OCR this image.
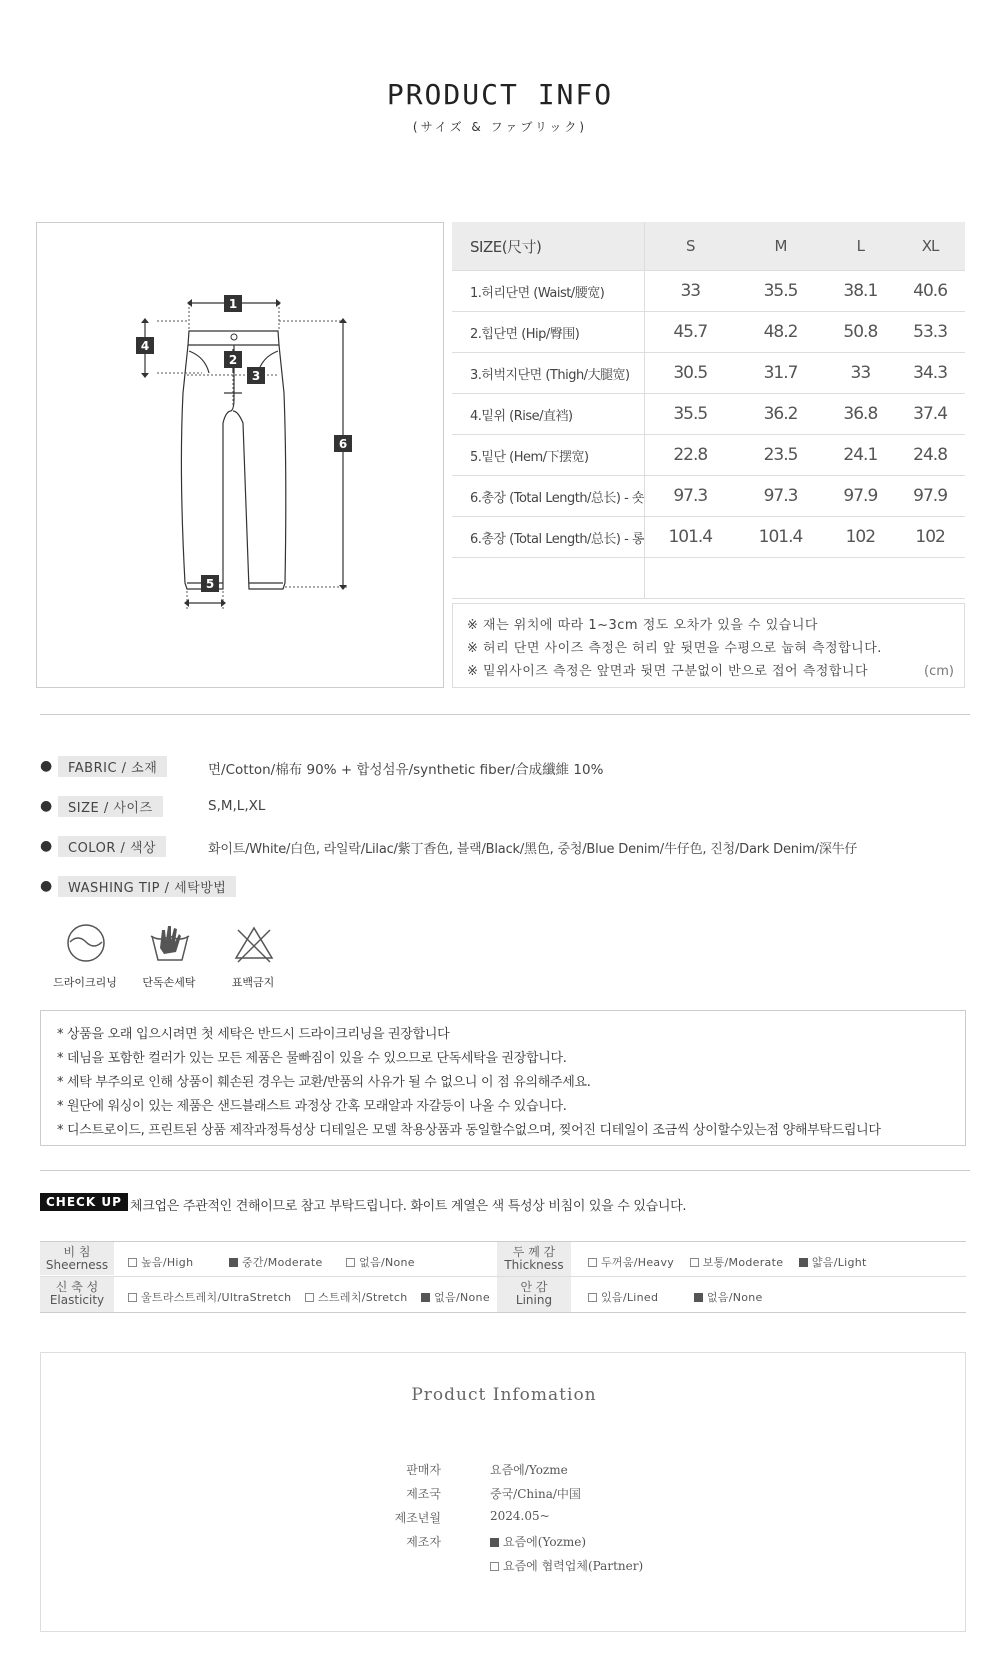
PRODUCT INFO
(サイズ & ファブリック)
1
4
2
3
6
5
SIZE(尺寸)	S	M	L	XL
1.허리단면 (Waist/腰宽)	33	35.5	38.1	40.6
2.힙단면 (Hip/臀围)	45.7	48.2	50.8	53.3
3.허벅지단면 (Thigh/大腿宽)	30.5	31.7	33	34.3
4.밑위 (Rise/直裆)	35.5	36.2	36.8	37.4
5.밑단 (Hem/下摆宽)	22.8	23.5	24.1	24.8
6.총장 (Total Length/总长) - 숏	97.3	97.3	97.9	97.9
6.총장 (Total Length/总长) - 롱	101.4	101.4	102	102

※ 재는 위치에 따라 1~3cm 정도 오차가 있을 수 있습니다
※ 허리 단면 사이즈 측정은 허리 앞 뒷면을 수평으로 눕혀 측정합니다.
※ 밑위사이즈 측정은 앞면과 뒷면 구분없이 반으로 접어 측정합니다	(cm)
●	FABRIC / 소재	면/Cotton/棉布 90% + 합성섬유/synthetic fiber/合成纖維 10%
●	SIZE / 사이즈	S,M,L,XL
●	COLOR / 색상	화이트/White/白色, 라일락/Lilac/紫丁香色, 블랙/Black/黑色, 중청/Blue Denim/牛仔色, 진청/Dark Denim/深牛仔
●	WASHING TIP / 세탁방법
드라이크리닝	단독손세탁	표백금지
* 상품을 오래 입으시려면 첫 세탁은 반드시 드라이크리닝을 권장합니다
* 데님을 포함한 컬러가 있는 모든 제품은 물빠짐이 있을 수 있으므로 단독세탁을 권장합니다.
* 세탁 부주의로 인해 상품이 훼손된 경우는 교환/반품의 사유가 될 수 없으니 이 점 유의해주세요.
* 원단에 워싱이 있는 제품은 샌드블래스트 과정상 간혹 모래알과 자갈등이 나올 수 있습니다.
* 디스트로이드, 프린트된 상품 제작과정특성상 디테일은 모델 착용상품과 동일할수없으며, 찢어진 디테일이 조금씩 상이할수있는점 양해부탁드립니다
CHECK UP 체크업은 주관적인 견해이므로 참고 부탁드립니다. 화이트 계열은 색 특성상 비침이 있을 수 있습니다.
비 침
Sheerness	높음/High	중간/Moderate	없음/None
두 께 감
Thickness	두꺼움/Heavy	보통/Moderate	얇음/Light
신 축 성
Elasticity	울트라스트레치/UltraStretch 스트레치/Stretch 없음/None
안 감
Lining	있음/Lined	없음/None
Product Infomation
판매자	요즘에/Yozme
제조국	중국/China/中国
제조년월	2024.05~
제조자	요즘에(Yozme)
요즘에 협력업체(Partner)
